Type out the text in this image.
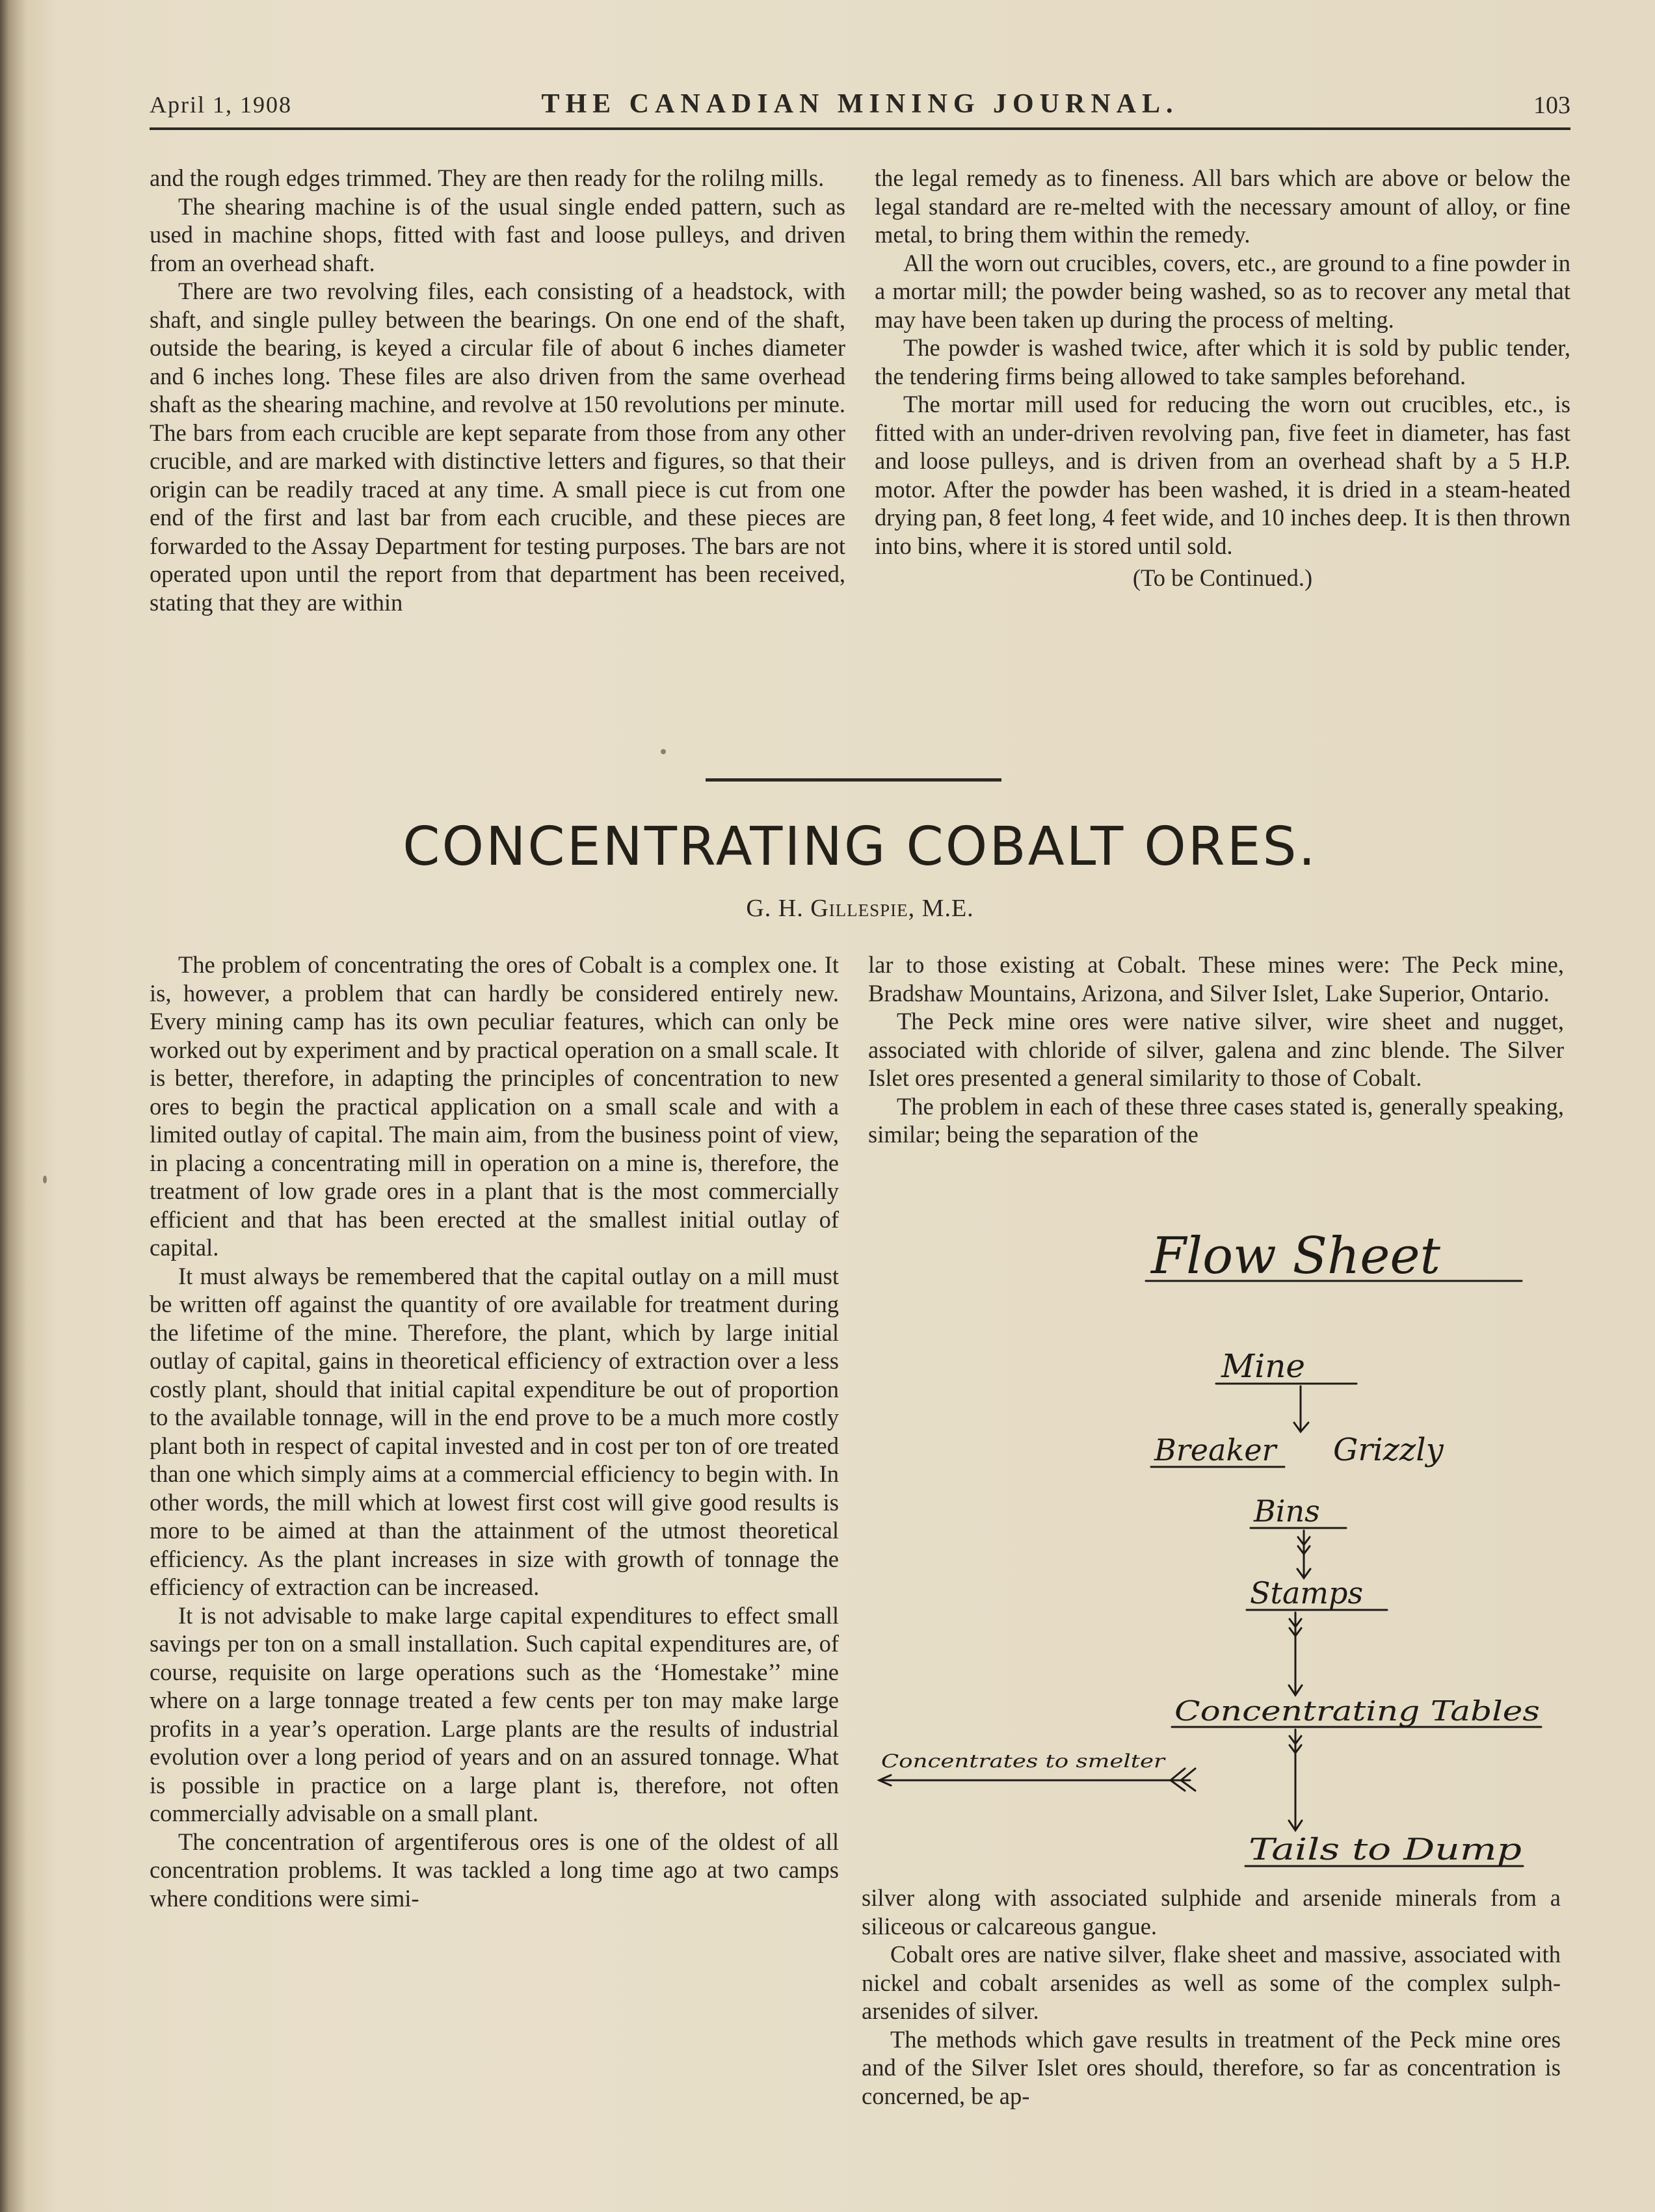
April 1, 1908	THE CANADIAN MINING JOURNAL.	103

and the rough edges trimmed. They are then ready for the rolilng mills.

The shearing machine is of the usual single ended pattern, such as used in machine shops, fitted with fast and loose pulleys, and driven from an overhead shaft.

There are two revolving files, each consisting of a headstock, with shaft, and single pulley between the bearings. On one end of the shaft, outside the bearing, is keyed a circular file of about 6 inches diameter and 6 inches long. These files are also driven from the same overhead shaft as the shearing machine, and revolve at 150 revolutions per minute. The bars from each crucible are kept separate from those from any other crucible, and are marked with distinctive letters and figures, so that their origin can be readily traced at any time. A small piece is cut from one end of the first and last bar from each crucible, and these pieces are forwarded to the Assay Department for testing purposes. The bars are not operated upon until the report from that department has been received, stating that they are within

the legal remedy as to fineness. All bars which are above or below the legal standard are re-melted with the necessary amount of alloy, or fine metal, to bring them within the remedy.

All the worn out crucibles, covers, etc., are ground to a fine powder in a mortar mill; the powder being washed, so as to recover any metal that may have been taken up during the process of melting.

The powder is washed twice, after which it is sold by public tender, the tendering firms being allowed to take samples beforehand.

The mortar mill used for reducing the worn out crucibles, etc., is fitted with an under-driven revolving pan, five feet in diameter, has fast and loose pulleys, and is driven from an overhead shaft by a 5 H.P. motor. After the powder has been washed, it is dried in a steam-heated drying pan, 8 feet long, 4 feet wide, and 10 inches deep. It is then thrown into bins, where it is stored until sold.

(To be Continued.)

CONCENTRATING COBALT ORES.
G. H. Gillespie, M.E.

The problem of concentrating the ores of Cobalt is a complex one. It is, however, a problem that can hardly be considered entirely new. Every mining camp has its own peculiar features, which can only be worked out by experiment and by practical operation on a small scale. It is better, therefore, in adapting the principles of concentration to new ores to begin the practical application on a small scale and with a limited outlay of capital. The main aim, from the business point of view, in placing a concentrating mill in operation on a mine is, therefore, the treatment of low grade ores in a plant that is the most commercially efficient and that has been erected at the smallest initial outlay of capital.

It must always be remembered that the capital outlay on a mill must be written off against the quantity of ore available for treatment during the lifetime of the mine. Therefore, the plant, which by large initial outlay of capital, gains in theoretical efficiency of extraction over a less costly plant, should that initial capital expenditure be out of proportion to the available tonnage, will in the end prove to be a much more costly plant both in respect of capital invested and in cost per ton of ore treated than one which simply aims at a commercial efficiency to begin with. In other words, the mill which at lowest first cost will give good results is more to be aimed at than the attainment of the utmost theoretical efficiency. As the plant increases in size with growth of tonnage the efficiency of extraction can be increased.

It is not advisable to make large capital expenditures to effect small savings per ton on a small installation. Such capital expenditures are, of course, requisite on large operations such as the ‘Homestake’’ mine where on a large tonnage treated a few cents per ton may make large profits in a year’s operation. Large plants are the results of industrial evolution over a long period of years and on an assured tonnage. What is possible in practice on a large plant is, therefore, not often commercially advisable on a small plant.

The concentration of argentiferous ores is one of the oldest of all concentration problems. It was tackled a long time ago at two camps where conditions were simi-

lar to those existing at Cobalt. These mines were: The Peck mine, Bradshaw Mountains, Arizona, and Silver Islet, Lake Superior, Ontario.

The Peck mine ores were native silver, wire sheet and nugget, associated with chloride of silver, galena and zinc blende. The Silver Islet ores presented a general similarity to those of Cobalt.

The problem in each of these three cases stated is, generally speaking, similar; being the separation of the

Flow Sheet
Mine
Breaker Grizzly
Bins
Stamps
Concentrating Tables
Concentrates to smelter
Tails to Dump

silver along with associated sulphide and arsenide minerals from a siliceous or calcareous gangue.

Cobalt ores are native silver, flake sheet and massive, associated with nickel and cobalt arsenides as well as some of the complex sulph-arsenides of silver.

The methods which gave results in treatment of the Peck mine ores and of the Silver Islet ores should, therefore, so far as concentration is concerned, be ap-
